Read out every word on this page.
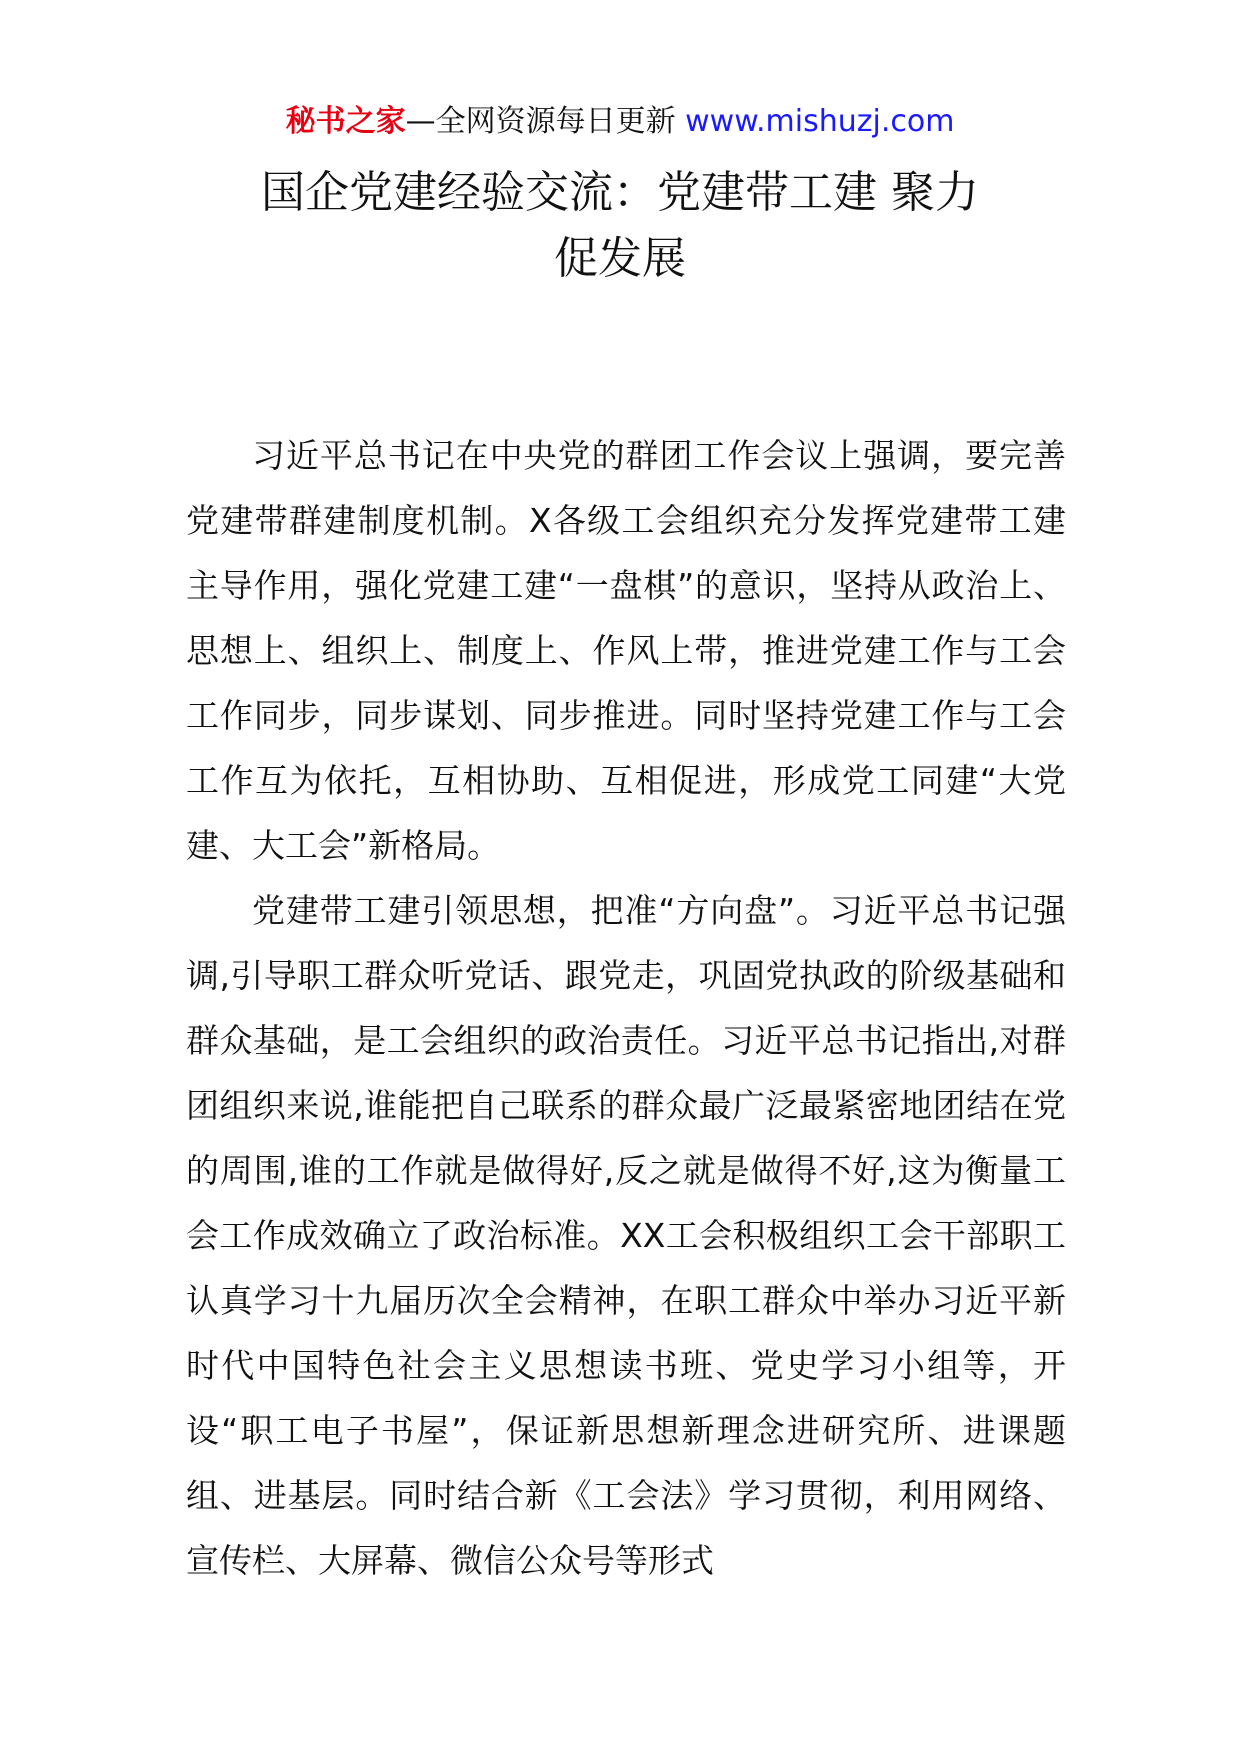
秘书之家—全网资源每日更新 www.mishuzj.com
国企党建经验交流：党建带工建 聚力
促发展

习近平总书记在中央党的群团工作会议上强调，要完善党建带群建制度机制。X各级工会组织充分发挥党建带工建主导作用，强化党建工建“一盘棋”的意识，坚持从政治上、思想上、组织上、制度上、作风上带，推进党建工作与工会工作同步，同步谋划、同步推进。同时坚持党建工作与工会工作互为依托，互相协助、互相促进，形成党工同建“大党建、大工会”新格局。

党建带工建引领思想，把准“方向盘”。习近平总书记强调,引导职工群众听党话、跟党走，巩固党执政的阶级基础和群众基础，是工会组织的政治责任。习近平总书记指出,对群团组织来说,谁能把自己联系的群众最广泛最紧密地团结在党的周围,谁的工作就是做得好,反之就是做得不好,这为衡量工会工作成效确立了政治标准。XX工会积极组织工会干部职工认真学习十九届历次全会精神，在职工群众中举办习近平新时代中国特色社会主义思想读书班、党史学习小组等，开设“职工电子书屋”，保证新思想新理念进研究所、进课题组、进基层。同时结合新《工会法》学习贯彻，利用网络、宣传栏、大屏幕、微信公众号等形式
